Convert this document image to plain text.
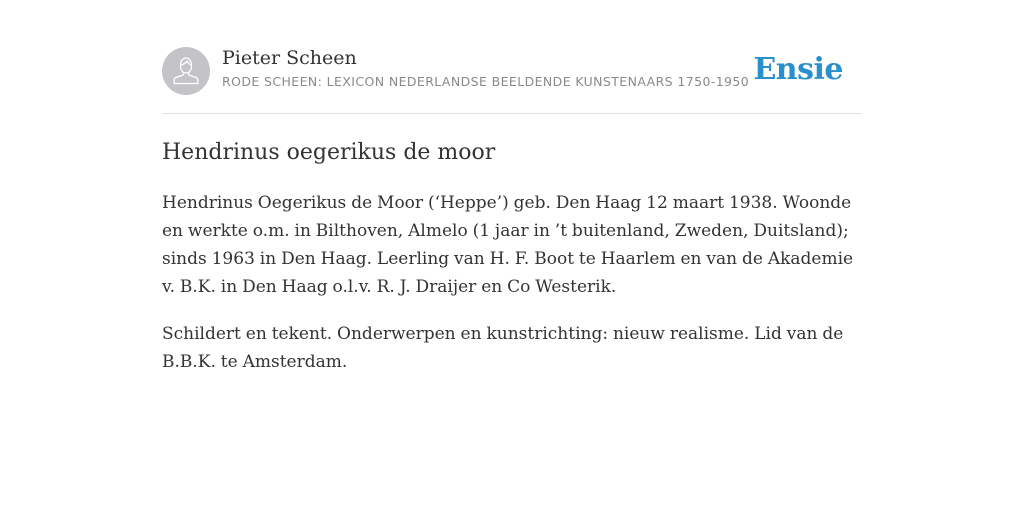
Pieter Scheen
RODE SCHEEN: LEXICON NEDERLANDSE BEELDENDE KUNSTENAARS 1750-1950 Ensie
Hendrinus oegerikus de moor

Hendrinus Oegerikus de Moor (‘Heppe’) geb. Den Haag 12 maart 1938. Woonde en werkte o.m. in Bilthoven, Almelo (1 jaar in ’t buitenland, Zweden, Duitsland); sinds 1963 in Den Haag. Leerling van H. F. Boot te Haarlem en van de Akademie v. B.K. in Den Haag o.l.v. R. J. Draijer en Co Westerik.

Schildert en tekent. Onderwerpen en kunstrichting: nieuw realisme. Lid van de B.B.K. te Amsterdam.
